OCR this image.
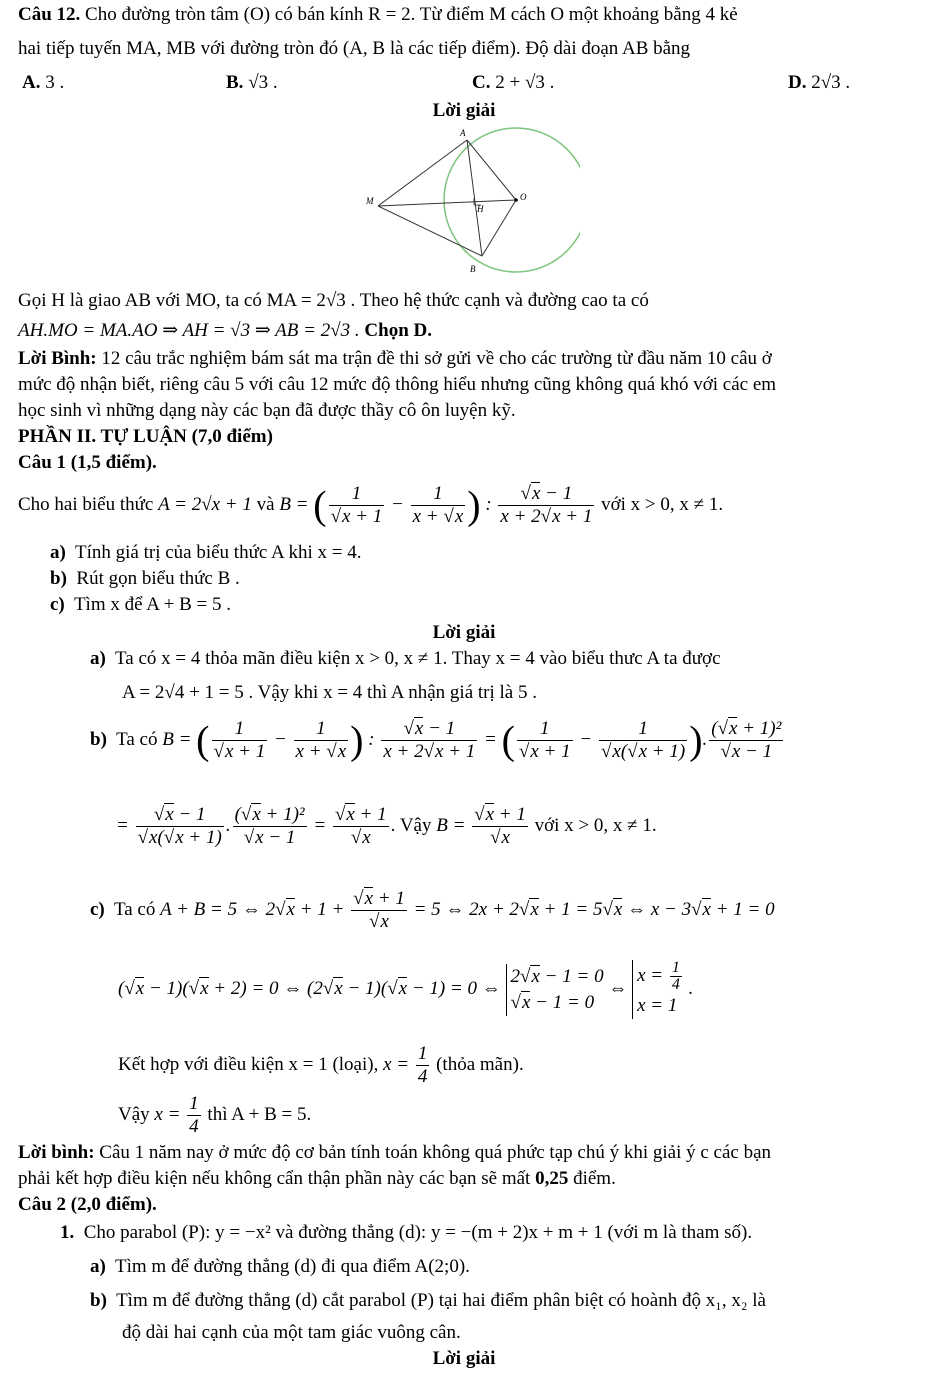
Câu 12. Cho đường tròn tâm (O) có bán kính R = 2. Từ điểm M cách O một khoảng bằng 4 kẻ
hai tiếp tuyến MA, MB với đường tròn đó (A, B là các tiếp điểm). Độ dài đoạn AB bằng
A. 3 .	B. √3 .	C. 2 + √3 .	D. 2√3 .
Lời giải
A
M
H
O
B
Gọi H là giao AB với MO, ta có MA = 2√3 . Theo hệ thức cạnh và đường cao ta có
AH.MO = MA.AO ⇒ AH = √3 ⇒ AB = 2√3 . Chọn D.
Lời Bình: 12 câu trắc nghiệm bám sát ma trận đề thi sở gửi về cho các trường từ đầu năm 10 câu ở
mức độ nhận biết, riêng câu 5 với câu 12 mức độ thông hiểu nhưng cũng không quá khó với các em
học sinh vì những dạng này các bạn đã được thầy cô ôn luyện kỹ.
PHẦN II. TỰ LUẬN (7,0 điểm)
Câu 1 (1,5 điểm).
Cho hai biểu thức A = 2√x + 1 và B = ( $\frac{1}{√x + 1} - \frac{1}{x + √x}$ ) : $\frac{√x - 1}{x + 2√x + 1}$ với x > 0, x ≠ 1.
a) Tính giá trị của biểu thức A khi x = 4.
b) Rút gọn biểu thức B .
c) Tìm x để A + B = 5 .
Lời giải
a) Ta có x = 4 thỏa mãn điều kiện x > 0, x ≠ 1. Thay x = 4 vào biểu thưc A ta được
A = 2√4 + 1 = 5 . Vậy khi x = 4 thì A nhận giá trị là 5 .
b) Ta có B = ( $\frac{1}{√x + 1} - \frac{1}{x + √x}$ ) : $\frac{√x - 1}{x + 2√x + 1}$ = ( $\frac{1}{√x + 1} - \frac{1}{√x(√x + 1)}$ ). $\frac{\text{(√x + 1)²}}{√x - 1}$
= $\frac{√x - 1}{√x(√x + 1)}$ . $\frac{\text{(√x + 1)²}}{√x - 1} = \frac{√x + 1}{√x}$ . Vậy $B = \frac{√x + 1}{√x}$ với x > 0, x ≠ 1.
c) Ta có A + B = 5 ⇔ $2√x + 1 + \frac{√x + 1}{√x} = 5$ ⇔ 2x + 2√x + 1 = 5√x ⇔ x − 3√x + 1 = 0
(√x − 1)(√x + 2) = 0 ⇔ (2√x − 1)(√x − 1) = 0 ⇔
2√x − 1 = 0
√x − 1 = 0
⇔
$x = \frac{1}{4}$
x = 1
.
Kết hợp với điều kiện x = 1 (loại), $x = \frac{1}{4}$ (thỏa mãn).
Vậy $x = \frac{1}{4}$ thì A + B = 5.
Lời bình: Câu 1 năm nay ở mức độ cơ bản tính toán không quá phức tạp chú ý khi giải ý c các bạn
phải kết hợp điều kiện nếu không cẩn thận phần này các bạn sẽ mất 0,25 điểm.
Câu 2 (2,0 điểm).
1. Cho parabol (P): y = −x² và đường thẳng (d): y = −(m + 2)x + m + 1 (với m là tham số).
a) Tìm m để đường thẳng (d) đi qua điểm A(2;0).
b) Tìm m để đường thẳng (d) cắt parabol (P) tại hai điểm phân biệt có hoành độ x₁, x₂ là
độ dài hai cạnh của một tam giác vuông cân.
Lời giải
